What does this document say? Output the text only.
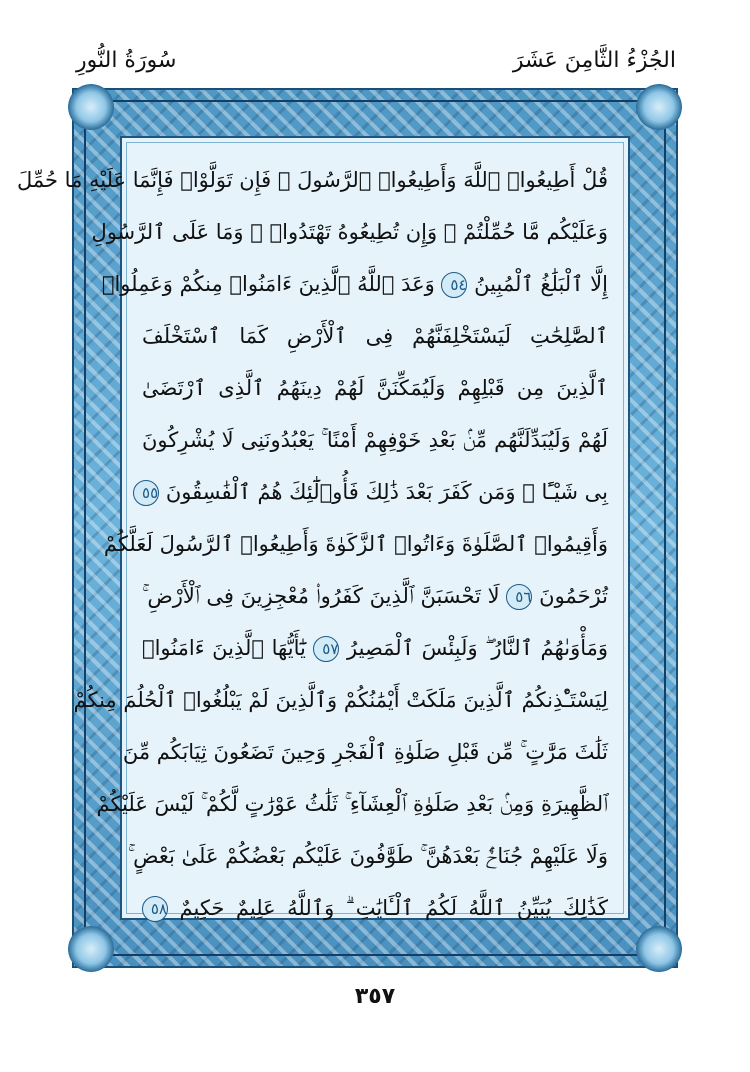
سُورَةُ النُّورِ	الجُزْءُ الثَّامِنَ عَشَرَ
قُلْ أَطِيعُوا۟ ٱللَّهَ وَأَطِيعُوا۟ ٱلرَّسُولَ ۖ فَإِن تَوَلَّوْا۟ فَإِنَّمَا عَلَيْهِ مَا حُمِّلَ
وَعَلَيْكُم مَّا حُمِّلْتُمْ ۖ وَإِن تُطِيعُوهُ تَهْتَدُوا۟ ۚ وَمَا عَلَى ٱلرَّسُولِ
إِلَّا ٱلْبَلَٰغُ ٱلْمُبِينُ ٥٤ وَعَدَ ٱللَّهُ ٱلَّذِينَ ءَامَنُوا۟ مِنكُمْ وَعَمِلُوا۟
ٱلصَّٰلِحَٰتِ لَيَسْتَخْلِفَنَّهُمْ فِى ٱلْأَرْضِ كَمَا ٱسْتَخْلَفَ
ٱلَّذِينَ مِن قَبْلِهِمْ وَلَيُمَكِّنَنَّ لَهُمْ دِينَهُمُ ٱلَّذِى ٱرْتَضَىٰ
لَهُمْ وَلَيُبَدِّلَنَّهُم مِّنۢ بَعْدِ خَوْفِهِمْ أَمْنًا ۚ يَعْبُدُونَنِى لَا يُشْرِكُونَ
بِى شَيْـًٔا ۚ وَمَن كَفَرَ بَعْدَ ذَٰلِكَ فَأُو۟لَٰٓئِكَ هُمُ ٱلْفَٰسِقُونَ ٥٥
وَأَقِيمُوا۟ ٱلصَّلَوٰةَ وَءَاتُوا۟ ٱلزَّكَوٰةَ وَأَطِيعُوا۟ ٱلرَّسُولَ لَعَلَّكُمْ
تُرْحَمُونَ ٥٦ لَا تَحْسَبَنَّ ٱلَّذِينَ كَفَرُوا۟ مُعْجِزِينَ فِى ٱلْأَرْضِ ۚ
وَمَأْوَىٰهُمُ ٱلنَّارُ ۖ وَلَبِئْسَ ٱلْمَصِيرُ ٥٧ يَٰٓأَيُّهَا ٱلَّذِينَ ءَامَنُوا۟
لِيَسْتَـْٔذِنكُمُ ٱلَّذِينَ مَلَكَتْ أَيْمَٰنُكُمْ وَٱلَّذِينَ لَمْ يَبْلُغُوا۟ ٱلْحُلُمَ مِنكُمْ
ثَلَٰثَ مَرَّٰتٍ ۚ مِّن قَبْلِ صَلَوٰةِ ٱلْفَجْرِ وَحِينَ تَضَعُونَ ثِيَابَكُم مِّنَ
ٱلظَّهِيرَةِ وَمِنۢ بَعْدِ صَلَوٰةِ ٱلْعِشَآءِ ۚ ثَلَٰثُ عَوْرَٰتٍ لَّكُمْ ۚ لَيْسَ عَلَيْكُمْ
وَلَا عَلَيْهِمْ جُنَاحٌۢ بَعْدَهُنَّ ۚ طَوَّٰفُونَ عَلَيْكُم بَعْضُكُمْ عَلَىٰ بَعْضٍ ۚ
كَذَٰلِكَ يُبَيِّنُ ٱللَّهُ لَكُمُ ٱلْـَٔايَٰتِ ۗ وَٱللَّهُ عَلِيمٌ حَكِيمٌ ٥٨
٣٥٧
